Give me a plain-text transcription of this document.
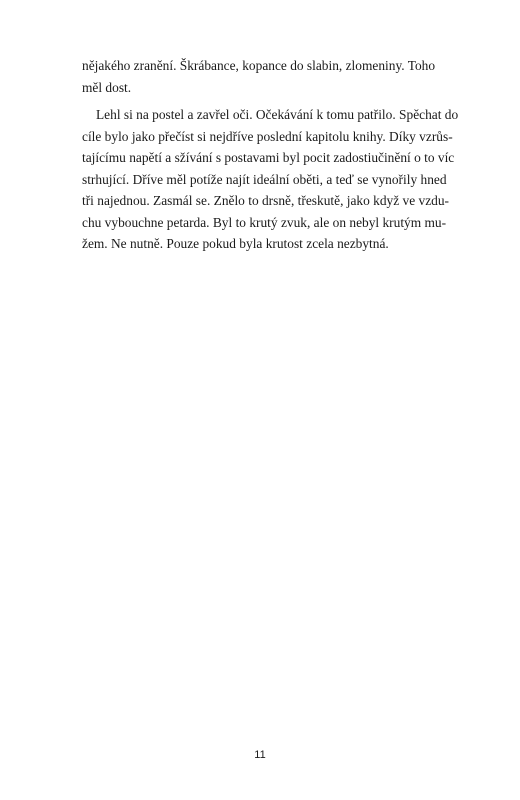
nějakého zranění. Škrábance, kopance do slabin, zlomeniny. Toho
měl dost.
Lehl si na postel a zavřel oči. Očekávání k tomu patřilo. Spěchat do
cíle bylo jako přečíst si nejdříve poslední kapitolu knihy. Díky vzrůs-
tajícímu napětí a sžívání s postavami byl pocit zadostiučinění o to víc
strhující. Dříve měl potíže najít ideální oběti, a teď se vynořily hned
tři najednou. Zasmál se. Znělo to drsně, třeskutě, jako když ve vzdu-
chu vybouchne petarda. Byl to krutý zvuk, ale on nebyl krutým mu-
žem. Ne nutně. Pouze pokud byla krutost zcela nezbytná.
11
